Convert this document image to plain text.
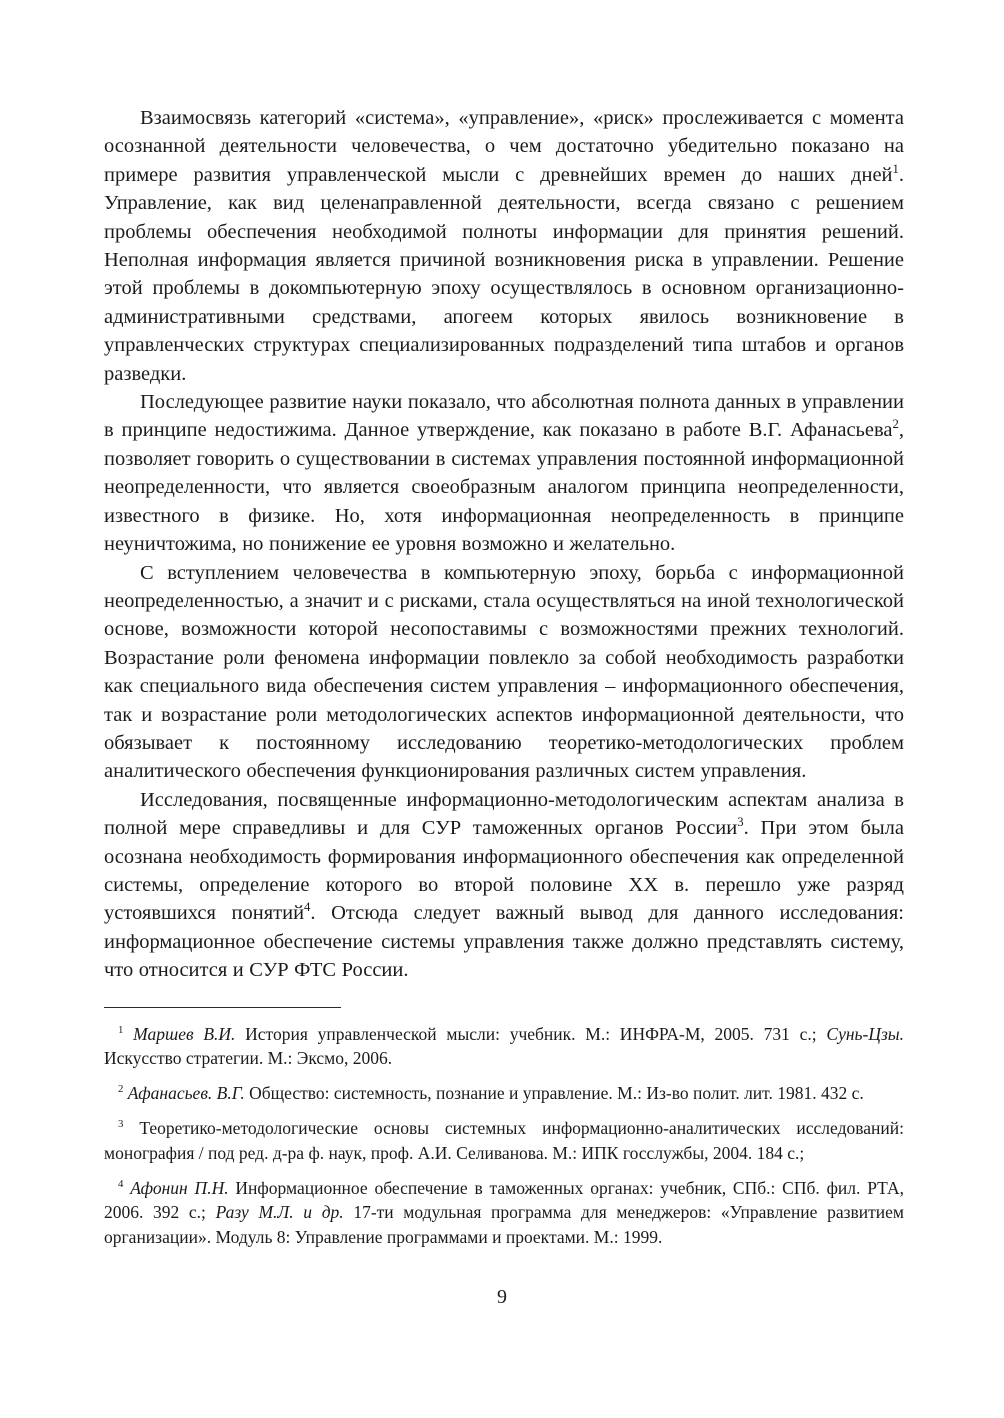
Взаимосвязь категорий «система», «управление», «риск» прослеживается с момента осознанной деятельности человечества, о чем достаточно убедительно показано на примере развития управленческой мысли с древнейших времен до наших дней$^1$. Управление, как вид целенаправленной деятельности, всегда связано с решением проблемы обеспечения необходимой полноты информации для принятия решений. Неполная информация является причиной возникновения риска в управлении. Решение этой проблемы в докомпьютерную эпоху осуществлялось в основном организационно-административными средствами, апогеем которых явилось возникновение в управленческих структурах специализированных подразделений типа штабов и органов разведки.

Последующее развитие науки показало, что абсолютная полнота данных в управлении в принципе недостижима. Данное утверждение, как показано в работе В.Г. Афанасьева$^2$, позволяет говорить о существовании в системах управления постоянной информационной неопределенности, что является своеобразным аналогом принципа неопределенности, известного в физике. Но, хотя информационная неопределенность в принципе неуничтожима, но понижение ее уровня возможно и желательно.

С вступлением человечества в компьютерную эпоху, борьба с информационной неопределенностью, а значит и с рисками, стала осуществляться на иной технологической основе, возможности которой несопоставимы с возможностями прежних технологий. Возрастание роли феномена информации повлекло за собой необходимость разработки как специального вида обеспечения систем управления – информационного обеспечения, так и возрастание роли методологических аспектов информационной деятельности, что обязывает к постоянному исследованию теоретико-методологических проблем аналитического обеспечения функционирования различных систем управления.

Исследования, посвященные информационно-методологическим аспектам анализа в полной мере справедливы и для СУР таможенных органов России$^3$. При этом была осознана необходимость формирования информационного обеспечения как определенной системы, определение которого во второй половине XX в. перешло уже разряд устоявшихся понятий$^4$. Отсюда следует важный вывод для данного исследования: информационное обеспечение системы управления также должно представлять систему, что относится и СУР ФТС России.

$^1$ Маршев В.И. История управленческой мысли: учебник. М.: ИНФРА-М, 2005. 731 с.; Сунь-Цзы. Искусство стратегии. М.: Эксмо, 2006.

$^2$ Афанасьев. В.Г. Общество: системность, познание и управление. М.: Из-во полит. лит. 1981. 432 с.

$^3$ Теоретико-методологические основы системных информационно-аналитических исследований: монография / под ред. д-ра ф. наук, проф. А.И. Селиванова. М.: ИПК госслужбы, 2004. 184 с.;

$^4$ Афонин П.Н. Информационное обеспечение в таможенных органах: учебник, СПб.: СПб. фил. РТА, 2006. 392 с.; Разу М.Л. и др. 17-ти модульная программа для менеджеров: «Управление развитием организации». Модуль 8: Управление программами и проектами. М.: 1999.

9
